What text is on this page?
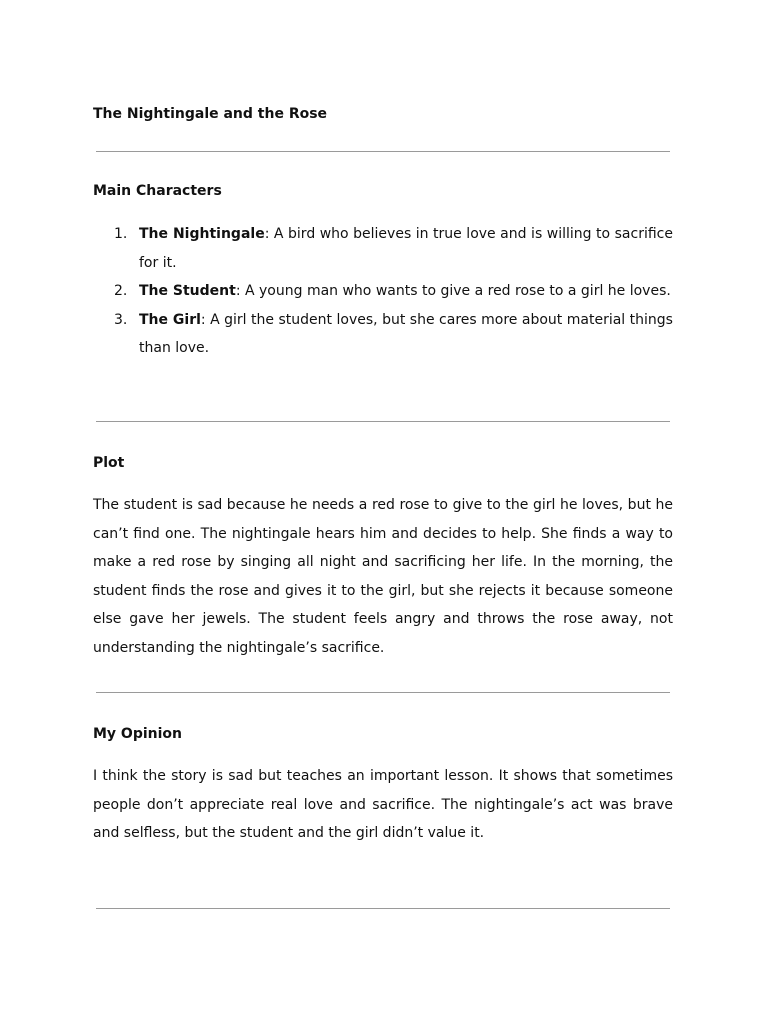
The Nightingale and the Rose
Main Characters
1. The Nightingale: A bird who believes in true love and is willing to sacrifice for it.
2. The Student: A young man who wants to give a red rose to a girl he loves.
3. The Girl: A girl the student loves, but she cares more about material things than love.
Plot

The student is sad because he needs a red rose to give to the girl he loves, but he can’t find one. The nightingale hears him and decides to help. She finds a way to make a red rose by singing all night and sacrificing her life. In the morning, the student finds the rose and gives it to the girl, but she rejects it because someone else gave her jewels. The student feels angry and throws the rose away, not understanding the nightingale’s sacrifice.

My Opinion

I think the story is sad but teaches an important lesson. It shows that sometimes people don’t appreciate real love and sacrifice. The nightingale’s act was brave and selfless, but the student and the girl didn’t value it.
